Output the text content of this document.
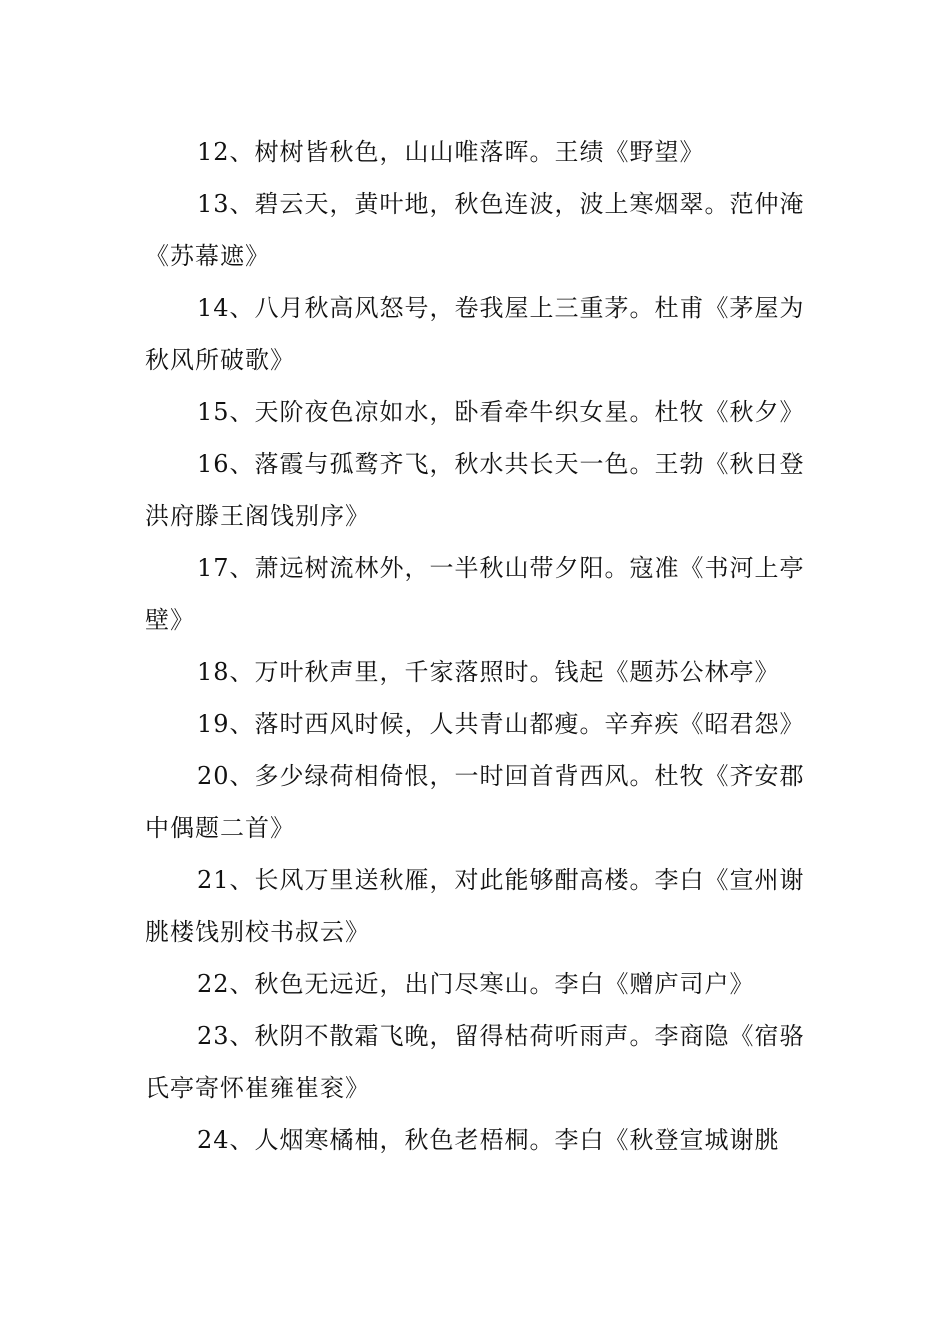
12、树树皆秋色，山山唯落晖。王绩《野望》

13、碧云天，黄叶地，秋色连波，波上寒烟翠。范仲淹《苏幕遮》

14、八月秋高风怒号，卷我屋上三重茅。杜甫《茅屋为秋风所破歌》

15、天阶夜色凉如水，卧看牵牛织女星。杜牧《秋夕》

16、落霞与孤鹜齐飞，秋水共长天一色。王勃《秋日登洪府滕王阁饯别序》

17、萧远树流林外，一半秋山带夕阳。寇准《书河上亭壁》

18、万叶秋声里，千家落照时。钱起《题苏公林亭》

19、落时西风时候，人共青山都瘦。辛弃疾《昭君怨》

20、多少绿荷相倚恨，一时回首背西风。杜牧《齐安郡中偶题二首》

21、长风万里送秋雁，对此能够酣高楼。李白《宣州谢朓楼饯别校书叔云》

22、秋色无远近，出门尽寒山。李白《赠庐司户》

23、秋阴不散霜飞晚，留得枯荷听雨声。李商隐《宿骆氏亭寄怀崔雍崔衮》

24、人烟寒橘柚，秋色老梧桐。李白《秋登宣城谢朓
